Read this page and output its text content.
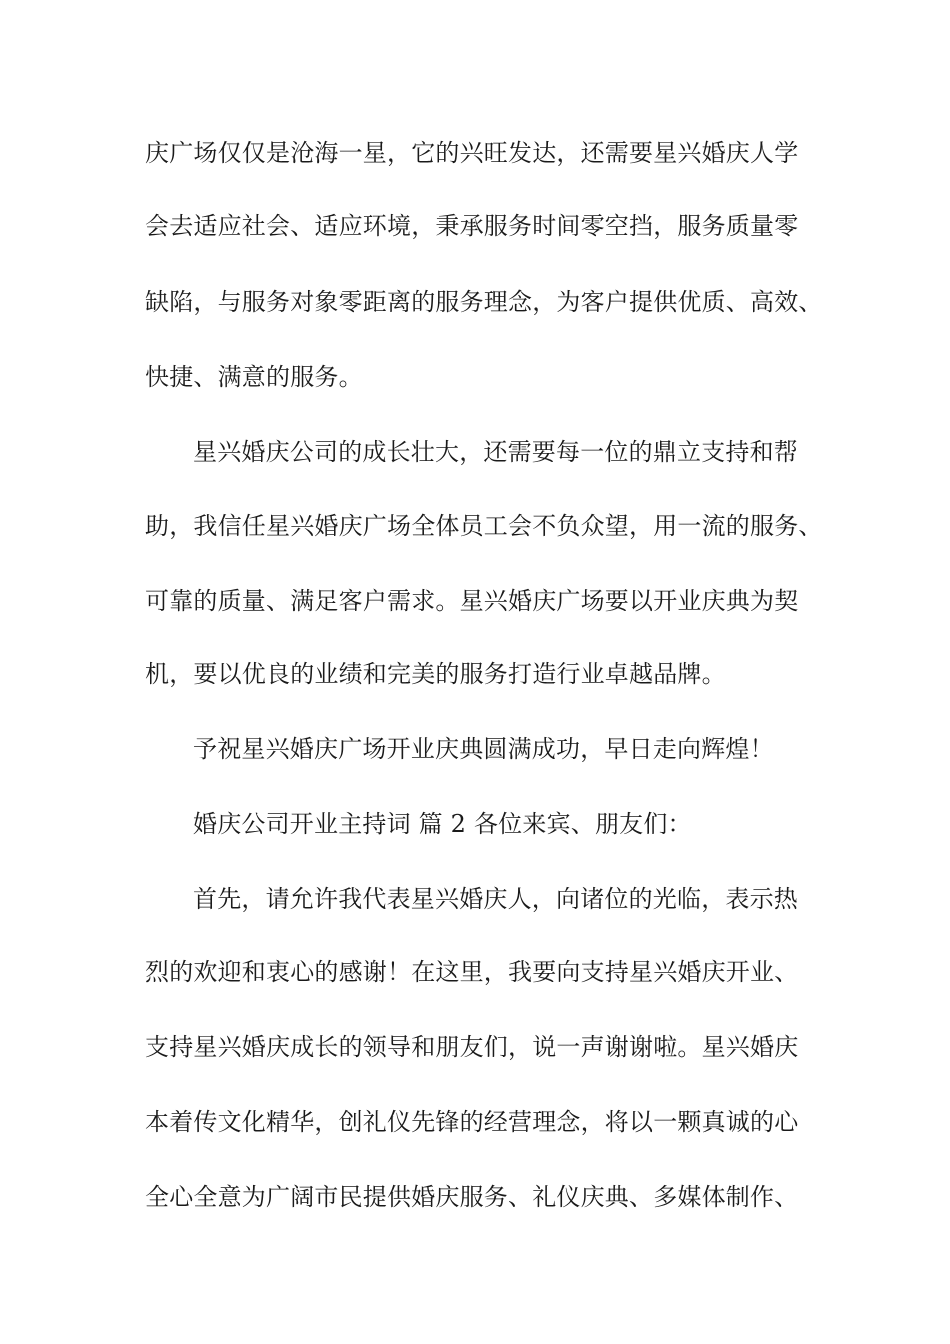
庆广场仅仅是沧海一星，它的兴旺发达，还需要星兴婚庆人学
会去适应社会、适应环境，秉承服务时间零空挡，服务质量零
缺陷，与服务对象零距离的服务理念，为客户提供优质、高效、
快捷、满意的服务。
星兴婚庆公司的成长壮大，还需要每一位的鼎立支持和帮
助，我信任星兴婚庆广场全体员工会不负众望，用一流的服务、
可靠的质量、满足客户需求。星兴婚庆广场要以开业庆典为契
机，要以优良的业绩和完美的服务打造行业卓越品牌。
予祝星兴婚庆广场开业庆典圆满成功，早日走向辉煌！
婚庆公司开业主持词 篇 2 各位来宾、朋友们：
首先，请允许我代表星兴婚庆人，向诸位的光临，表示热
烈的欢迎和衷心的感谢！在这里，我要向支持星兴婚庆开业、
支持星兴婚庆成长的领导和朋友们，说一声谢谢啦。星兴婚庆
本着传文化精华，创礼仪先锋的经营理念，将以一颗真诚的心
全心全意为广阔市民提供婚庆服务、礼仪庆典、多媒体制作、
